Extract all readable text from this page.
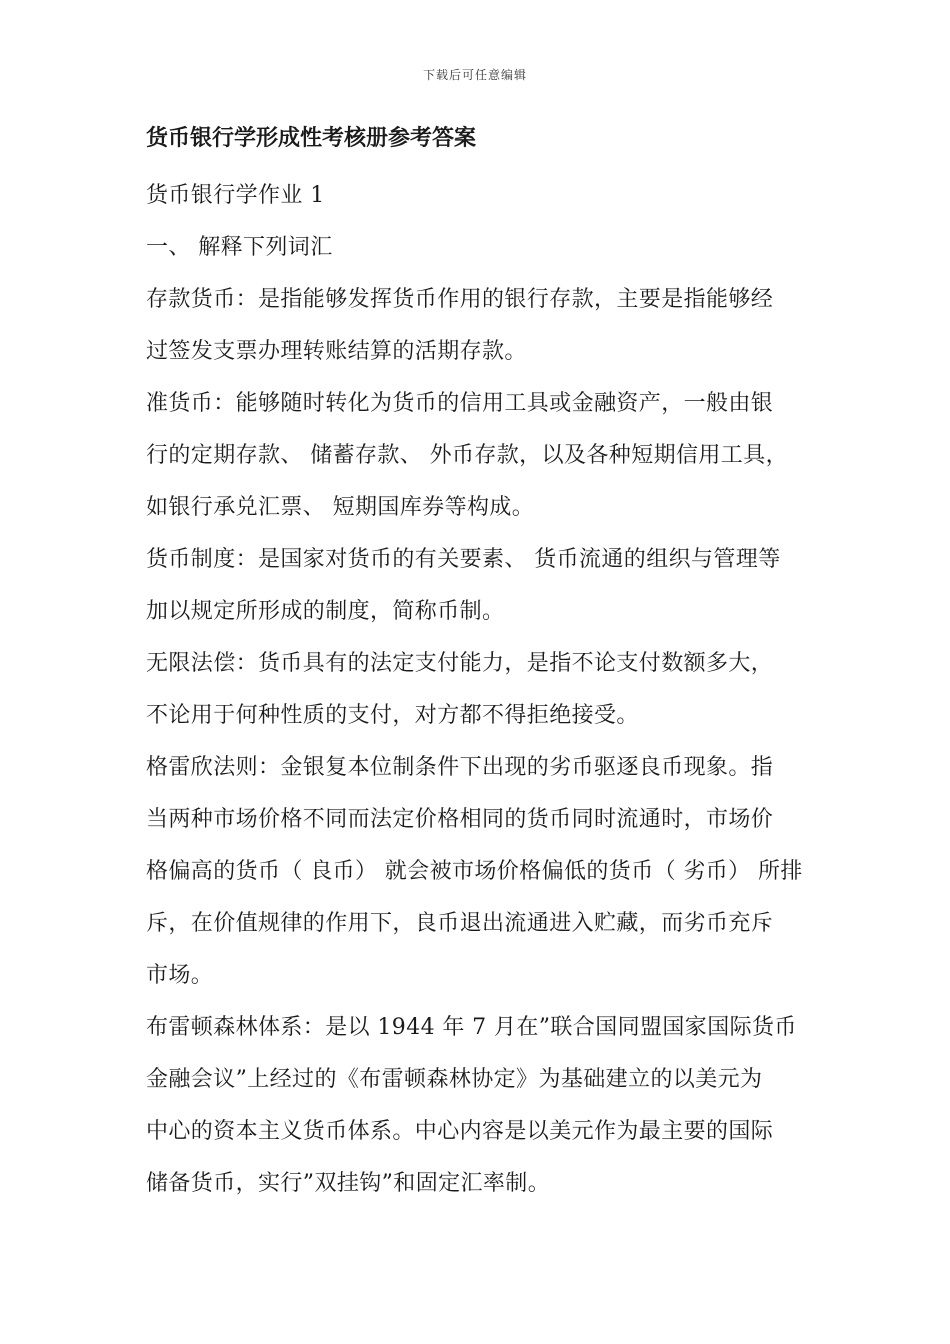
下载后可任意编辑
货币银行学形成性考核册参考答案
货币银行学作业 1
一、 解释下列词汇
存款货币：是指能够发挥货币作用的银行存款，主要是指能够经
过签发支票办理转账结算的活期存款。
准货币：能够随时转化为货币的信用工具或金融资产，一般由银
行的定期存款、 储蓄存款、 外币存款，以及各种短期信用工具，
如银行承兑汇票、 短期国库券等构成。
货币制度：是国家对货币的有关要素、 货币流通的组织与管理等
加以规定所形成的制度，简称币制。
无限法偿：货币具有的法定支付能力，是指不论支付数额多大，
不论用于何种性质的支付，对方都不得拒绝接受。
格雷欣法则：金银复本位制条件下出现的劣币驱逐良币现象。指
当两种市场价格不同而法定价格相同的货币同时流通时，市场价
格偏高的货币（ 良币） 就会被市场价格偏低的货币（ 劣币） 所排
斥，在价值规律的作用下，良币退出流通进入贮藏，而劣币充斥
市场。
布雷顿森林体系：是以 1944 年 7 月在”联合国同盟国家国际货币
金融会议”上经过的《布雷顿森林协定》为基础建立的以美元为
中心的资本主义货币体系。中心内容是以美元作为最主要的国际
储备货币，实行”双挂钩”和固定汇率制。
